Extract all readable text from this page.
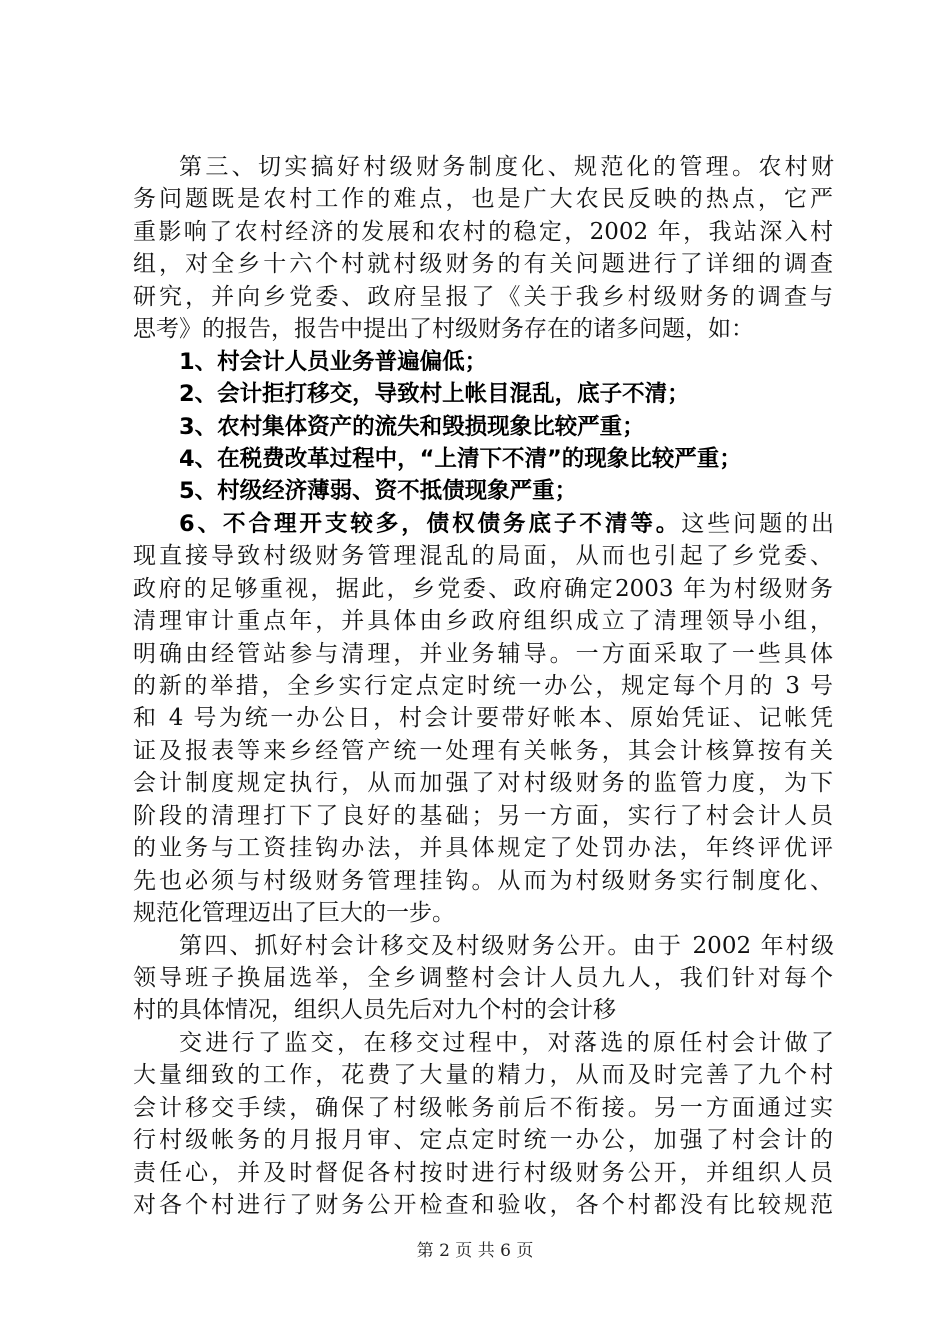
第三、切实搞好村级财务制度化、规范化的管理。农村财

务问题既是农村工作的难点，也是广大农民反映的热点，它严

重影响了农村经济的发展和农村的稳定，2002 年，我站深入村

组，对全乡十六个村就村级财务的有关问题进行了详细的调查

研究，并向乡党委、政府呈报了《关于我乡村级财务的调查与

思考》的报告，报告中提出了村级财务存在的诸多问题，如：

1、村会计人员业务普遍偏低；

2、会计拒打移交，导致村上帐目混乱，底子不清；

3、农村集体资产的流失和毁损现象比较严重；

4、在税费改革过程中，“上清下不清”的现象比较严重；

5、村级经济薄弱、资不抵债现象严重；

6、不合理开支较多，债权债务底子不清等。这些问题的出

现直接导致村级财务管理混乱的局面，从而也引起了乡党委、

政府的足够重视，据此，乡党委、政府确定2003 年为村级财务

清理审计重点年，并具体由乡政府组织成立了清理领导小组，

明确由经管站参与清理，并业务辅导。一方面采取了一些具体

的新的举措，全乡实行定点定时统一办公，规定每个月的 3 号

和 4 号为统一办公日，村会计要带好帐本、原始凭证、记帐凭

证及报表等来乡经管产统一处理有关帐务，其会计核算按有关

会计制度规定执行，从而加强了对村级财务的监管力度，为下

阶段的清理打下了良好的基础；另一方面，实行了村会计人员

的业务与工资挂钩办法，并具体规定了处罚办法，年终评优评

先也必须与村级财务管理挂钩。从而为村级财务实行制度化、

规范化管理迈出了巨大的一步。

第四、抓好村会计移交及村级财务公开。由于 2002 年村级

领导班子换届选举，全乡调整村会计人员九人，我们针对每个

村的具体情况，组织人员先后对九个村的会计移

交进行了监交，在移交过程中，对落选的原任村会计做了

大量细致的工作，花费了大量的精力，从而及时完善了九个村

会计移交手续，确保了村级帐务前后不衔接。另一方面通过实

行村级帐务的月报月审、定点定时统一办公，加强了村会计的

责任心，并及时督促各村按时进行村级财务公开，并组织人员

对各个村进行了财务公开检查和验收，各个村都没有比较规范

第 2 页 共 6 页
